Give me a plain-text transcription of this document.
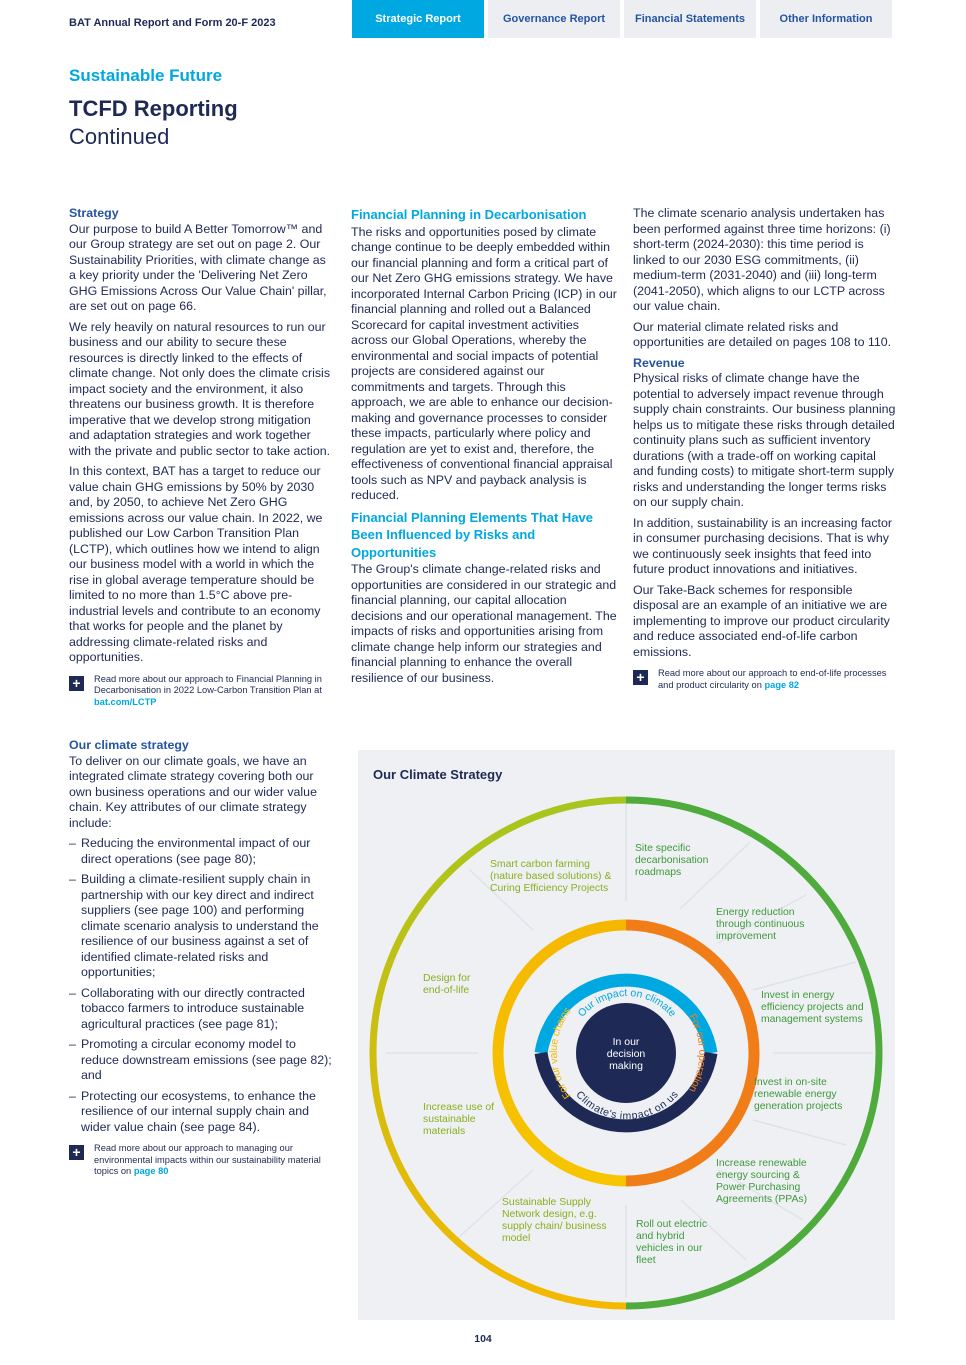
BAT Annual Report and Form 20-F 2023	Strategic Report	Governance Report	Financial Statements	Other Information
Sustainable Future
TCFD Reporting
Continued
Strategy

Our purpose to build A Better Tomorrow™ and our Group strategy are set out on page 2. Our Sustainability Priorities, with climate change as a key priority under the 'Delivering Net Zero GHG Emissions Across Our Value Chain' pillar, are set out on page 66.

We rely heavily on natural resources to run our business and our ability to secure these resources is directly linked to the effects of climate change. Not only does the climate crisis impact society and the environment, it also threatens our business growth. It is therefore imperative that we develop strong mitigation and adaptation strategies and work together with the private and public sector to take action.

In this context, BAT has a target to reduce our value chain GHG emissions by 50% by 2030 and, by 2050, to achieve Net Zero GHG emissions across our value chain. In 2022, we published our Low Carbon Transition Plan (LCTP), which outlines how we intend to align our business model with a world in which the rise in global average temperature should be limited to no more than 1.5°C above pre-industrial levels and contribute to an economy that works for people and the planet by addressing climate-related risks and opportunities.

+	Read more about our approach to Financial Planning in Decarbonisation in 2022 Low-Carbon Transition Plan at bat.com/LCTP
Our climate strategy

To deliver on our climate goals, we have an integrated climate strategy covering both our own business operations and our wider value chain. Key attributes of our climate strategy include:

– Reducing the environmental impact of our direct operations (see page 80);
– Building a climate-resilient supply chain in partnership with our key direct and indirect suppliers (see page 100) and performing climate scenario analysis to understand the resilience of our business against a set of identified climate-related risks and opportunities;
– Collaborating with our directly contracted tobacco farmers to introduce sustainable agricultural practices (see page 81);
– Promoting a circular economy model to reduce downstream emissions (see page 82); and
– Protecting our ecosystems, to enhance the resilience of our internal supply chain and wider value chain (see page 84).
+	Read more about our approach to managing our environmental impacts within our sustainability material topics on page 80
Financial Planning in Decarbonisation

The risks and opportunities posed by climate change continue to be deeply embedded within our financial planning and form a critical part of our Net Zero GHG emissions strategy. We have incorporated Internal Carbon Pricing (ICP) in our financial planning and rolled out a Balanced Scorecard for capital investment activities across our Global Operations, whereby the environmental and social impacts of potential projects are considered against our commitments and targets. Through this approach, we are able to enhance our decision-making and governance processes to consider these impacts, particularly where policy and regulation are yet to exist and, therefore, the effectiveness of conventional financial appraisal tools such as NPV and payback analysis is reduced.

Financial Planning Elements That Have Been Influenced by Risks and Opportunities

The Group's climate change-related risks and opportunities are considered in our strategic and financial planning, our capital allocation decisions and our operational management. The impacts of risks and opportunities arising from climate change help inform our strategies and financial planning to enhance the overall resilience of our business.

The climate scenario analysis undertaken has been performed against three time horizons: (i) short-term (2024-2030): this time period is linked to our 2030 ESG commitments, (ii) medium-term (2031-2040) and (iii) long-term (2041-2050), which aligns to our LCTP across our value chain.

Our material climate related risks and opportunities are detailed on pages 108 to 110.

Revenue

Physical risks of climate change have the potential to adversely impact revenue through supply chain constraints. Our business planning helps us to mitigate these risks through detailed continuity plans such as sufficient inventory durations (with a trade-off on working capital and funding costs) to mitigate short-term supply risks and understanding the longer terms risks on our supply chain.

In addition, sustainability is an increasing factor in consumer purchasing decisions. That is why we continuously seek insights that feed into future product innovations and initiatives.

Our Take-Back schemes for responsible disposal are an example of an initiative we are implementing to improve our product circularity and reduce associated end-of-life carbon emissions.

+	Read more about our approach to end-of-life processes and product circularity on page 82
Our Climate Strategy
In our
decision
making
Our impact on climate
Climate's impact on us
For our value chains
For our operation
Smart carbon farming (nature based solutions) & Curing Efficiency Projects
Design for end-of-life
Increase use of sustainable materials
Sustainable Supply Network design, e.g. supply chain/ business model
Site specific decarbonisation roadmaps
Energy reduction through continuous improvement
Invest in energy efficiency projects and management systems
Invest in on-site renewable energy generation projects
Increase renewable energy sourcing & Power Purchasing Agreements (PPAs)
Roll out electric and hybrid vehicles in our fleet
104
